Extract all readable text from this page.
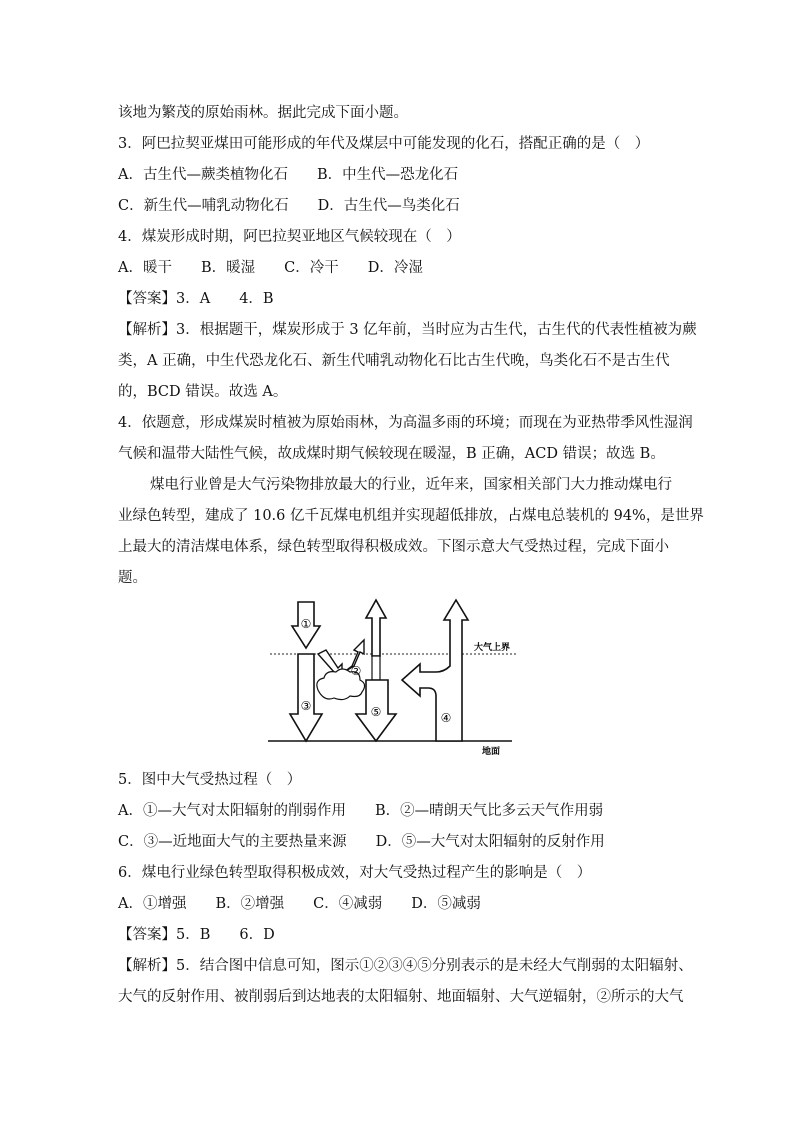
该地为繁茂的原始雨林。据此完成下面小题。
3．阿巴拉契亚煤田可能形成的年代及煤层中可能发现的化石，搭配正确的是（　）
A．古生代—蕨类植物化石　　B．中生代—恐龙化石
C．新生代—哺乳动物化石　　D．古生代—鸟类化石
4．煤炭形成时期，阿巴拉契亚地区气候较现在（　）
A．暖干　　B．暖湿　　C．冷干　　D．冷湿
【答案】3．A　　4．B
【解析】3．根据题干，煤炭形成于 3 亿年前，当时应为古生代，古生代的代表性植被为蕨
类，A 正确，中生代恐龙化石、新生代哺乳动物化石比古生代晚，鸟类化石不是古生代
的，BCD 错误。故选 A。
4．依题意，形成煤炭时植被为原始雨林，为高温多雨的环境；而现在为亚热带季风性湿润
气候和温带大陆性气候，故成煤时期气候较现在暖湿，B 正确，ACD 错误；故选 B。
煤电行业曾是大气污染物排放最大的行业，近年来，国家相关部门大力推动煤电行
业绿色转型，建成了 10.6 亿千瓦煤电机组并实现超低排放，占煤电总装机的 94%，是世界
上最大的清洁煤电体系，绿色转型取得积极成效。下图示意大气受热过程，完成下面小
题。
5．图中大气受热过程（　）
A．①—大气对太阳辐射的削弱作用　　B．②—晴朗天气比多云天气作用弱
C．③—近地面大气的主要热量来源　　D．⑤—大气对太阳辐射的反射作用
6．煤电行业绿色转型取得积极成效，对大气受热过程产生的影响是（　）
A．①增强　　B．②增强　　C．④减弱　　D．⑤减弱
【答案】5．B　　6．D
【解析】5．结合图中信息可知，图示①②③④⑤分别表示的是未经大气削弱的太阳辐射、
大气的反射作用、被削弱后到达地表的太阳辐射、地面辐射、大气逆辐射，②所示的大气
①
②
③
④
⑤
大气上界
地面
